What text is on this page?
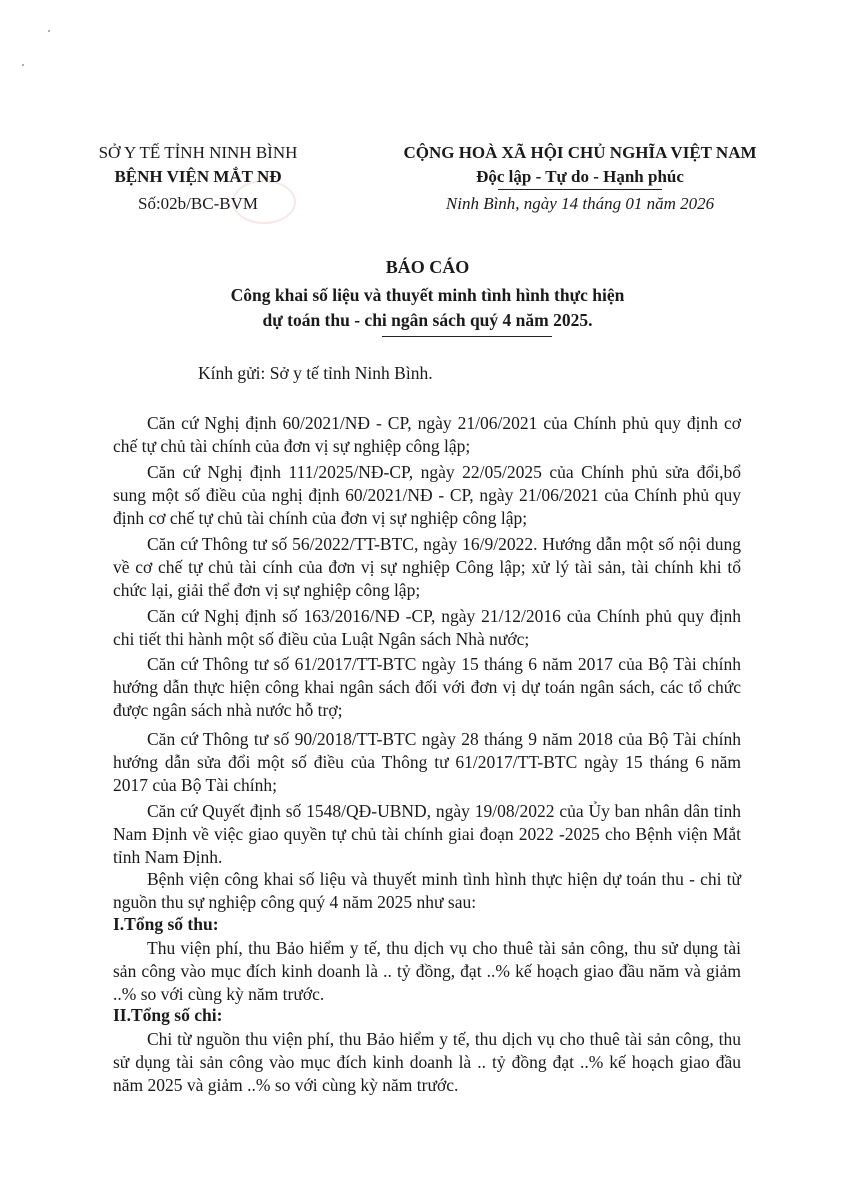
SỞ Y TẾ TỈNH NINH BÌNH
BỆNH VIỆN MẮT NĐ
Số:02b/BC-BVM
CỘNG HOÀ XÃ HỘI CHỦ NGHĨA VIỆT NAM
Độc lập - Tự do - Hạnh phúc
Ninh Bình, ngày 14 tháng 01 năm 2026
BÁO CÁO
Công khai số liệu và thuyết minh tình hình thực hiện
dự toán thu - chi ngân sách quý 4 năm 2025.
Kính gửi: Sở y tế tỉnh Ninh Bình.

Căn cứ Nghị định 60/2021/NĐ - CP, ngày 21/06/2021 của Chính phủ quy định cơ chế tự chủ tài chính của đơn vị sự nghiệp công lập;

Căn cứ Nghị định 111/2025/NĐ-CP, ngày 22/05/2025 của Chính phủ sửa đổi,bổ sung một số điều của nghị định 60/2021/NĐ - CP, ngày 21/06/2021 của Chính phủ quy định cơ chế tự chủ tài chính của đơn vị sự nghiệp công lập;

Căn cứ Thông tư số 56/2022/TT-BTC, ngày 16/9/2022. Hướng dẫn một số nội dung về cơ chế tự chủ tài cính của đơn vị sự nghiệp Công lập; xử lý tài sản, tài chính khi tổ chức lại, giải thể đơn vị sự nghiệp công lập;

Căn cứ Nghị định số 163/2016/NĐ -CP, ngày 21/12/2016 của Chính phủ quy định chi tiết thi hành một số điều của Luật Ngân sách Nhà nước;

Căn cứ Thông tư số 61/2017/TT-BTC ngày 15 tháng 6 năm 2017 của Bộ Tài chính hướng dẫn thực hiện công khai ngân sách đối với đơn vị dự toán ngân sách, các tổ chức được ngân sách nhà nước hỗ trợ;

Căn cứ Thông tư số 90/2018/TT-BTC ngày 28 tháng 9 năm 2018 của Bộ Tài chính hướng dẫn sửa đổi một số điều của Thông tư 61/2017/TT-BTC ngày 15 tháng 6 năm 2017 của Bộ Tài chính;

Căn cứ Quyết định số 1548/QĐ-UBND, ngày 19/08/2022 của Ủy ban nhân dân tỉnh Nam Định về việc giao quyền tự chủ tài chính giai đoạn 2022 -2025 cho Bệnh viện Mắt tỉnh Nam Định.

Bệnh viện công khai số liệu và thuyết minh tình hình thực hiện dự toán thu - chi từ nguồn thu sự nghiệp công quý 4 năm 2025 như sau:

I.Tổng số thu:

Thu viện phí, thu Bảo hiểm y tế, thu dịch vụ cho thuê tài sản công, thu sử dụng tài sản công vào mục đích kinh doanh là .. tỷ đồng, đạt ..% kế hoạch giao đầu năm và giảm ..% so với cùng kỳ năm trước.

II.Tổng số chi:

Chi từ nguồn thu viện phí, thu Bảo hiểm y tế, thu dịch vụ cho thuê tài sản công, thu sử dụng tài sản công vào mục đích kinh doanh là .. tỷ đồng đạt ..% kế hoạch giao đầu năm 2025 và giảm ..% so với cùng kỳ năm trước.
